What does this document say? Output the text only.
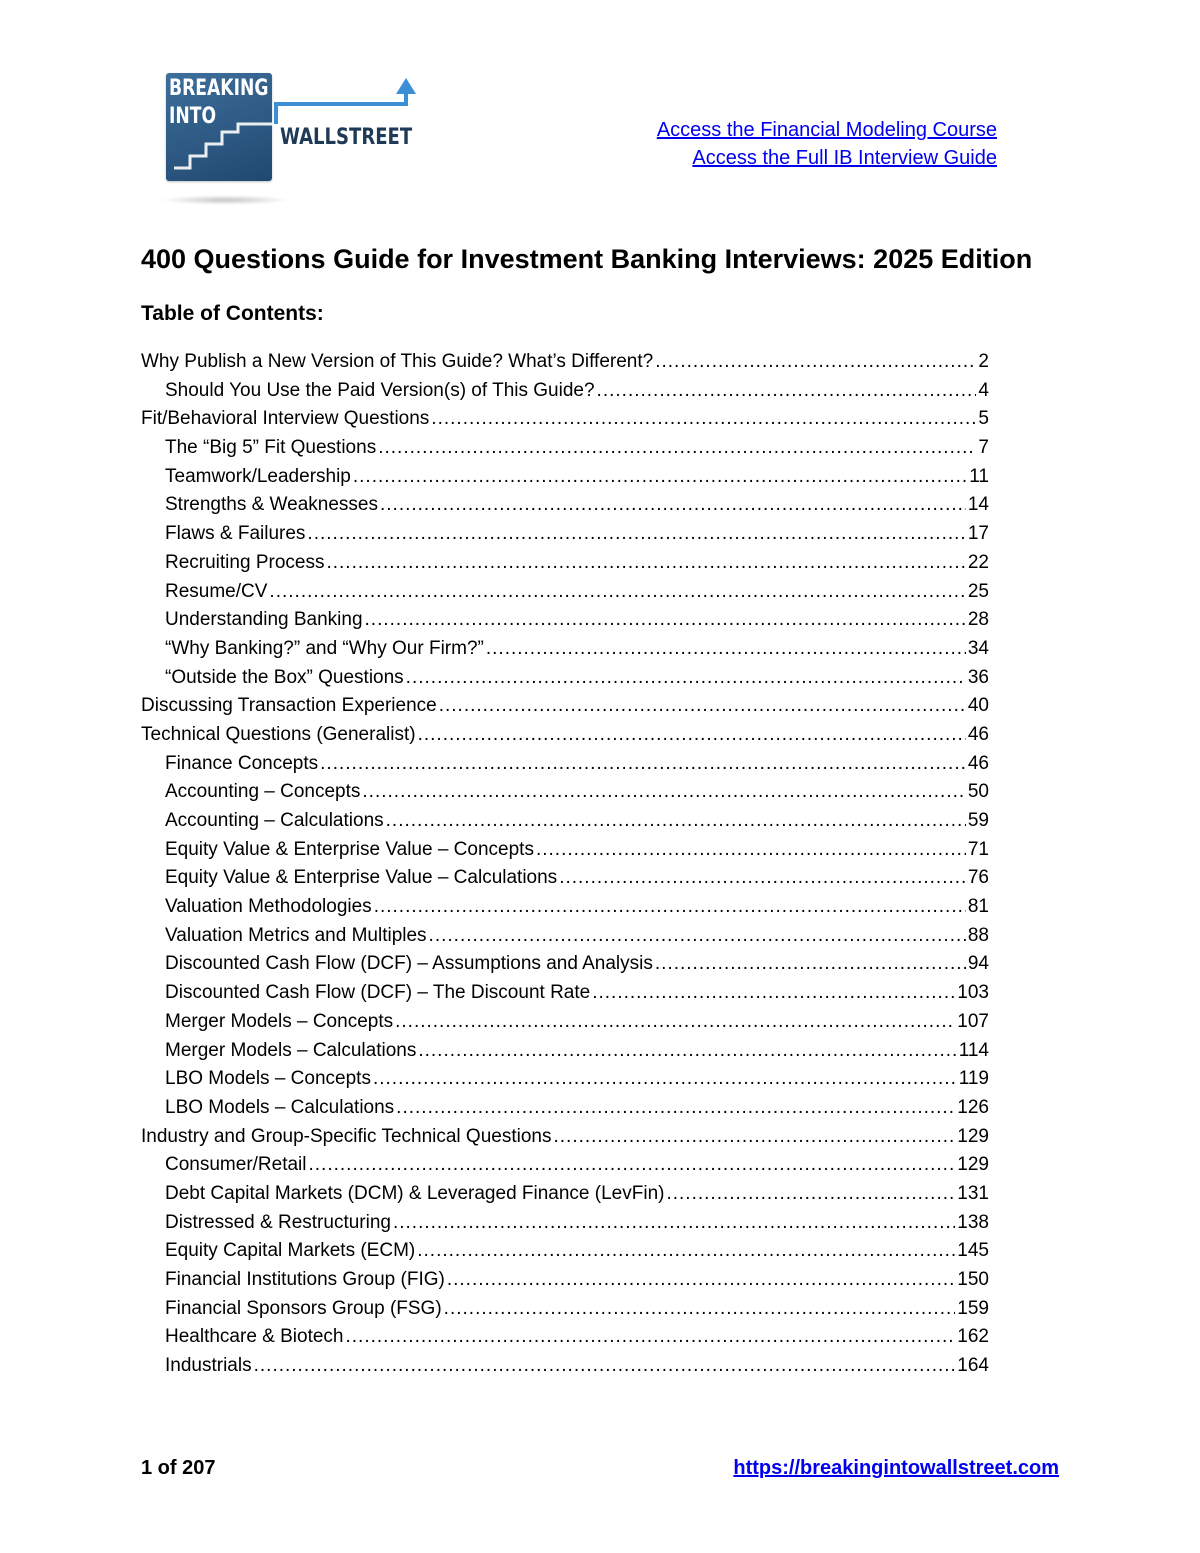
BREAKING
INTO
WALLSTREET	Access the Financial Modeling Course
Access the Full IB Interview Guide
400 Questions Guide for Investment Banking Interviews: 2025 Edition
Table of Contents:
Why Publish a New Version of This Guide? What’s Different? .....	2
Should You Use the Paid Version(s) of This Guide? .....	4
Fit/Behavioral Interview Questions .....	5
The “Big 5” Fit Questions .....	7
Teamwork/Leadership .....	11
Strengths & Weaknesses .....	14
Flaws & Failures .....	17
Recruiting Process .....	22
Resume/CV .....	25
Understanding Banking .....	28
“Why Banking?” and “Why Our Firm?” .....	34
“Outside the Box” Questions .....	36
Discussing Transaction Experience .....	40
Technical Questions (Generalist) .....	46
Finance Concepts .....	46
Accounting – Concepts .....	50
Accounting – Calculations .....	59
Equity Value & Enterprise Value – Concepts .....	71
Equity Value & Enterprise Value – Calculations .....	76
Valuation Methodologies .....	81
Valuation Metrics and Multiples .....	88
Discounted Cash Flow (DCF) – Assumptions and Analysis .....	94
Discounted Cash Flow (DCF) – The Discount Rate .....	103
Merger Models – Concepts .....	107
Merger Models – Calculations .....	114
LBO Models – Concepts .....	119
LBO Models – Calculations .....	126
Industry and Group-Specific Technical Questions .....	129
Consumer/Retail .....	129
Debt Capital Markets (DCM) & Leveraged Finance (LevFin) .....	131
Distressed & Restructuring .....	138
Equity Capital Markets (ECM) .....	145
Financial Institutions Group (FIG) .....	150
Financial Sponsors Group (FSG) .....	159
Healthcare & Biotech .....	162
Industrials .....	164
1 of 207	https://breakingintowallstreet.com
